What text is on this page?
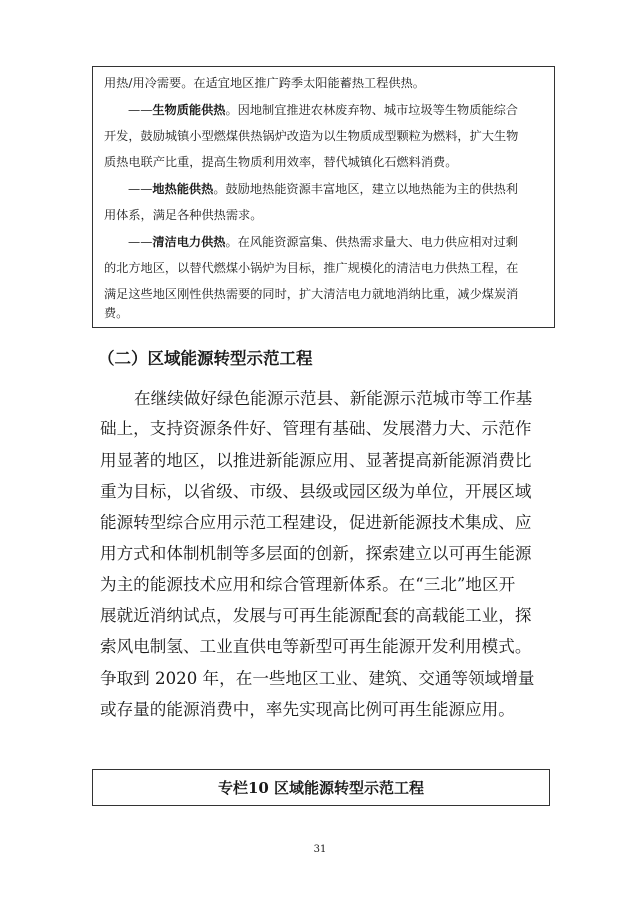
用热/用冷需要。在适宜地区推广跨季太阳能蓄热工程供热。
——生物质能供热。因地制宜推进农林废弃物、城市垃圾等生物质能综合
开发，鼓励城镇小型燃煤供热锅炉改造为以生物质成型颗粒为燃料，扩大生物
质热电联产比重，提高生物质利用效率，替代城镇化石燃料消费。
——地热能供热。鼓励地热能资源丰富地区，建立以地热能为主的供热利
用体系，满足各种供热需求。
——清洁电力供热。在风能资源富集、供热需求量大、电力供应相对过剩
的北方地区，以替代燃煤小锅炉为目标，推广规模化的清洁电力供热工程，在
满足这些地区刚性供热需要的同时，扩大清洁电力就地消纳比重，减少煤炭消
费。
（二）区域能源转型示范工程
在继续做好绿色能源示范县、新能源示范城市等工作基
础上，支持资源条件好、管理有基础、发展潜力大、示范作
用显著的地区，以推进新能源应用、显著提高新能源消费比
重为目标，以省级、市级、县级或园区级为单位，开展区域
能源转型综合应用示范工程建设，促进新能源技术集成、应
用方式和体制机制等多层面的创新，探索建立以可再生能源
为主的能源技术应用和综合管理新体系。在“三北”地区开
展就近消纳试点，发展与可再生能源配套的高载能工业，探
索风电制氢、工业直供电等新型可再生能源开发利用模式。
争取到 2020 年，在一些地区工业、建筑、交通等领域增量
或存量的能源消费中，率先实现高比例可再生能源应用。
专栏10 区域能源转型示范工程
31
